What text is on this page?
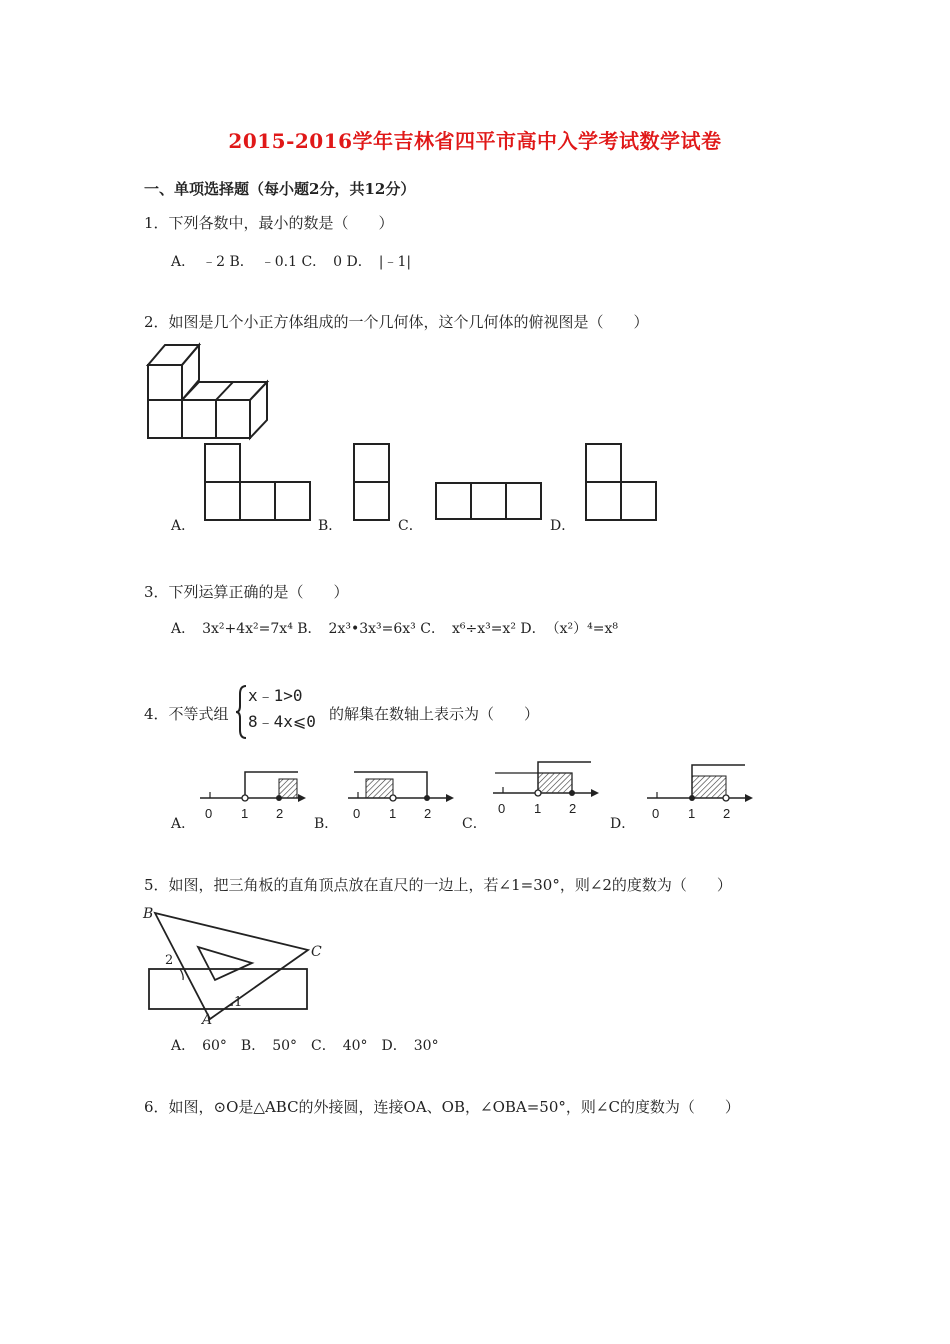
2015-2016学年吉林省四平市高中入学考试数学试卷
一、单项选择题（每小题2分，共12分）
1．下列各数中，最小的数是（　　）
A．　﹣2 B．　﹣0.1 C．　0 D．　|﹣1|
2．如图是几个小正方体组成的一个几何体，这个几何体的俯视图是（　　）
A．	B．	C．	D．
3．下列运算正确的是（　　）
A．　3x²+4x²=7x⁴ B．　2x³•3x³=6x³ C．　x⁶÷x³=x² D．　（x²）⁴=x⁸
4．不等式组
x﹣1>0
8﹣4x⩽0 的解集在数轴上表示为（　　）
A．
0 1 2
B．
0 1 2
C．
0 1 2
D．
0 1 2
5．如图，把三角板的直角顶点放在直尺的一边上，若∠1=30°，则∠2的度数为（　　）
B
C
A
1
2
A．　60°　B．　50°　C．　40°　D．　30°
6．如图，⊙O是△ABC的外接圆，连接OA、OB，∠OBA=50°，则∠C的度数为（　　）
